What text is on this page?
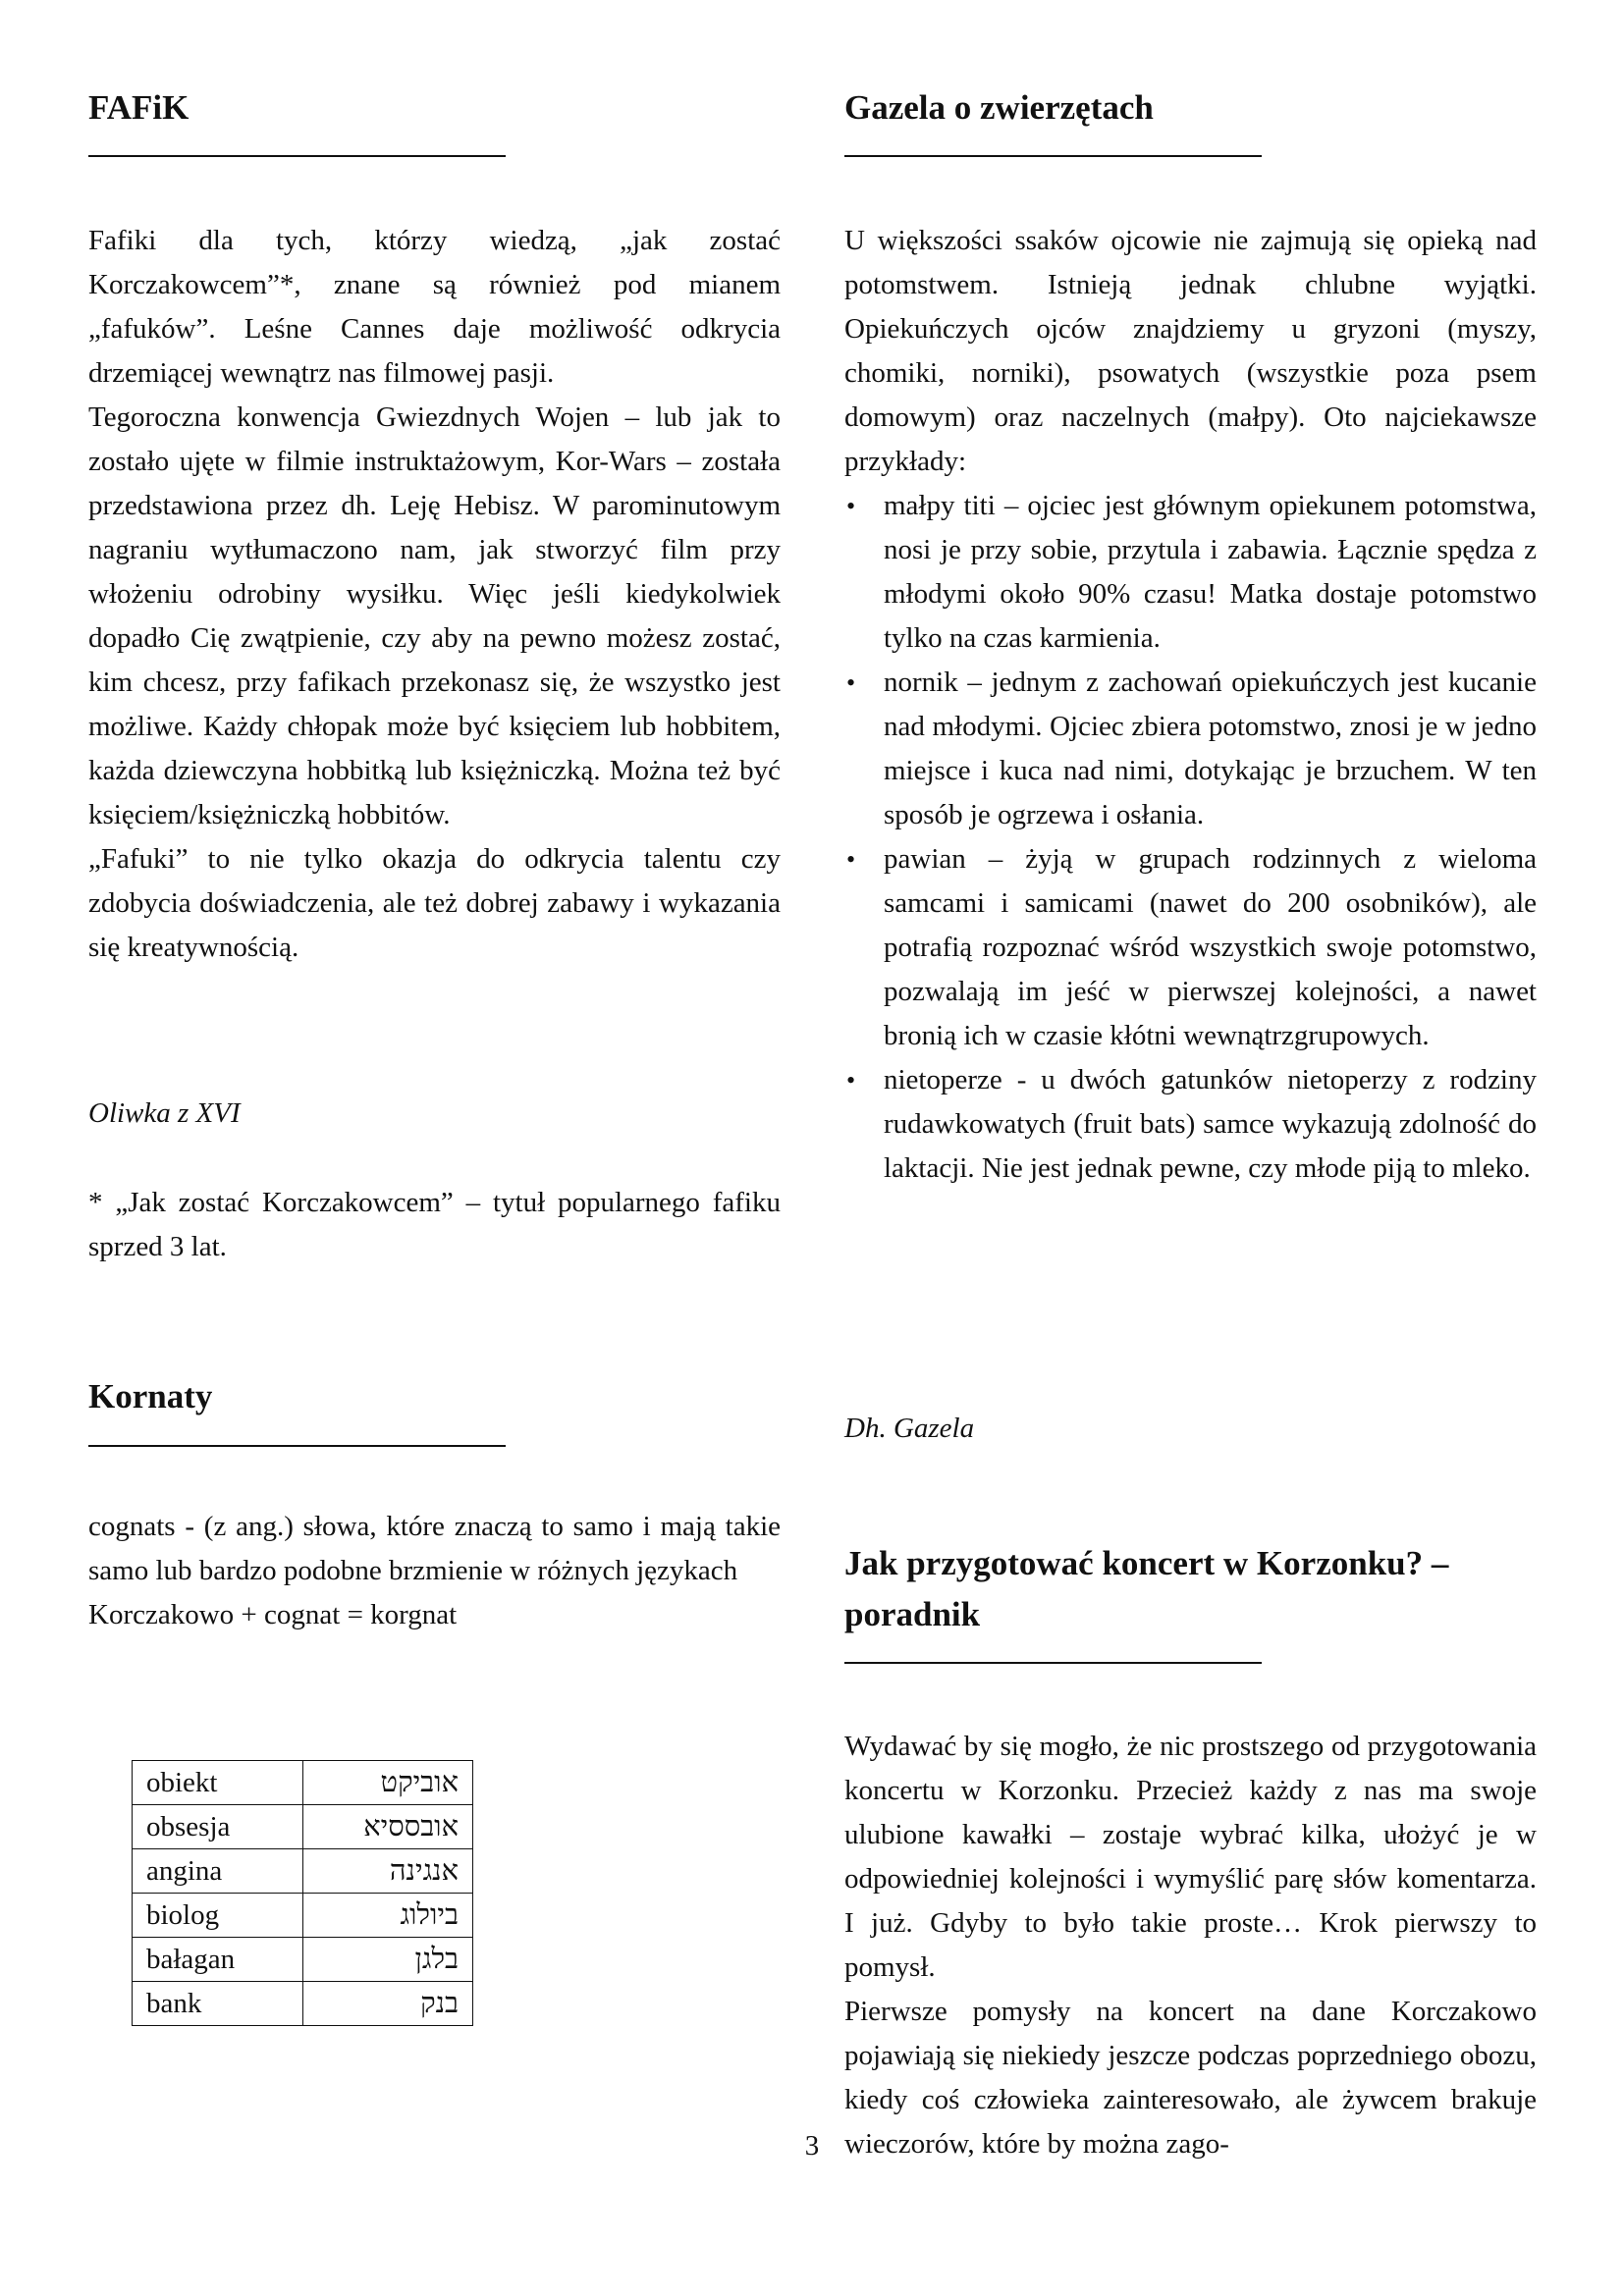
FAFiK

Fafiki dla tych, którzy wiedzą, „jak zostać Korczakowcem”*, znane są również pod mianem „fafuków”. Leśne Cannes daje możliwość odkrycia drzemiącej wewnątrz nas filmowej pasji.

Tegoroczna konwencja Gwiezdnych Wojen – lub jak to zostało ujęte w filmie instruktażowym, Kor-Wars – została przedstawiona przez dh. Leję Hebisz. W parominutowym nagraniu wytłumaczono nam, jak stworzyć film przy włożeniu odrobiny wysiłku. Więc jeśli kiedykolwiek dopadło Cię zwątpienie, czy aby na pewno możesz zostać, kim chcesz, przy fafikach przekonasz się, że wszystko jest możliwe. Każdy chłopak może być księciem lub hobbitem, każda dziewczyna hobbitką lub księżniczką. Można też być księciem/księżniczką hobbitów.

„Fafuki” to nie tylko okazja do odkrycia talentu czy zdobycia doświadczenia, ale też dobrej zabawy i wykazania się kreatywnością.

Oliwka z XVI
* „Jak zostać Korczakowcem” – tytuł popularnego fafiku sprzed 3 lat.
Kornaty

cognats - (z ang.) słowa, które znaczą to samo i mają takie samo lub bardzo podobne brzmienie w różnych językach

Korczakowo + cognat = korgnat

obiekt	אוביקט
obsesja	אובססיא
angina	אנגינה
biolog	ביולוג
bałagan	בלגן
bank	בנק
Gazela o zwierzętach

U większości ssaków ojcowie nie zajmują się opieką nad potomstwem. Istnieją jednak chlubne wyjątki. Opiekuńczych ojców znajdziemy u gryzoni (myszy, chomiki, norniki), psowatych (wszystkie poza psem domowym) oraz naczelnych (małpy). Oto najciekawsze przykłady:

• małpy titi – ojciec jest głównym opiekunem potomstwa, nosi je przy sobie, przytula i zabawia. Łącznie spędza z młodymi około 90% czasu! Matka dostaje potomstwo tylko na czas karmienia.
• nornik – jednym z zachowań opiekuńczych jest kucanie nad młodymi. Ojciec zbiera potomstwo, znosi je w jedno miejsce i kuca nad nimi, dotykając je brzuchem. W ten sposób je ogrzewa i osłania.
• pawian – żyją w grupach rodzinnych z wieloma samcami i samicami (nawet do 200 osobników), ale potrafią rozpoznać wśród wszystkich swoje potomstwo, pozwalają im jeść w pierwszej kolejności, a nawet bronią ich w czasie kłótni wewnątrzgrupowych.
• nietoperze - u dwóch gatunków nietoperzy z rodziny rudawkowatych (fruit bats) samce wykazują zdolność do laktacji. Nie jest jednak pewne, czy młode piją to mleko.
Dh. Gazela
Jak przygotować koncert w Korzonku? – poradnik

Wydawać by się mogło, że nic prostszego od przygotowania koncertu w Korzonku. Przecież każdy z nas ma swoje ulubione kawałki – zostaje wybrać kilka, ułożyć je w odpowiedniej kolejności i wymyślić parę słów komentarza. I już. Gdyby to było takie proste… Krok pierwszy to pomysł.

Pierwsze pomysły na koncert na dane Korczakowo pojawiają się niekiedy jeszcze podczas poprzedniego obozu, kiedy coś człowieka zainteresowało, ale żywcem brakuje wieczorów, które by można zago-

3
